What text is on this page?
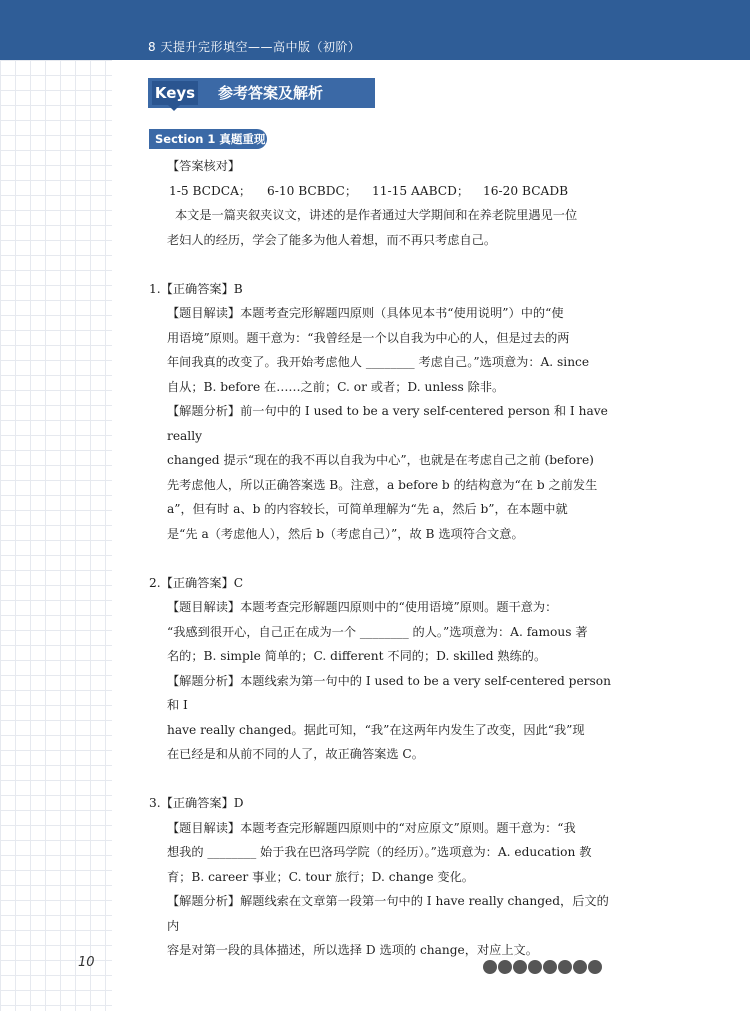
8 天提升完形填空——高中版（初阶）
Keys 参考答案及解析
Section 1 真题重现

【答案核对】

1-5 BCDCA； 6-10 BCBDC； 11-15 AABCD； 16-20 BCADB

本文是一篇夹叙夹议文，讲述的是作者通过大学期间和在养老院里遇见一位

老妇人的经历，学会了能多为他人着想，而不再只考虑自己。

1.【正确答案】B

【题目解读】本题考查完形解题四原则（具体见本书“使用说明”）中的“使

用语境”原则。题干意为：“我曾经是一个以自我为中心的人，但是过去的两

年间我真的改变了。我开始考虑他人 ________ 考虑自己。”选项意为：A. since

自从；B. before 在……之前；C. or 或者；D. unless 除非。

【解题分析】前一句中的 I used to be a very self-centered person 和 I have really

changed 提示“现在的我不再以自我为中心”，也就是在考虑自己之前 (before)

先考虑他人，所以正确答案选 B。注意，a before b 的结构意为“在 b 之前发生

a”，但有时 a、b 的内容较长，可简单理解为“先 a，然后 b”，在本题中就

是“先 a（考虑他人），然后 b（考虑自己）”，故 B 选项符合文意。

2.【正确答案】C

【题目解读】本题考查完形解题四原则中的“使用语境”原则。题干意为：

“我感到很开心，自己正在成为一个 ________ 的人。”选项意为：A. famous 著

名的；B. simple 简单的；C. different 不同的；D. skilled 熟练的。

【解题分析】本题线索为第一句中的 I used to be a very self-centered person 和 I

have really changed。据此可知，“我”在这两年内发生了改变，因此“我”现

在已经是和从前不同的人了，故正确答案选 C。

3.【正确答案】D

【题目解读】本题考查完形解题四原则中的“对应原文”原则。题干意为：“我

想我的 ________ 始于我在巴洛玛学院（的经历）。”选项意为：A. education 教

育；B. career 事业；C. tour 旅行；D. change 变化。

【解题分析】解题线索在文章第一段第一句中的 I have really changed，后文的内

容是对第一段的具体描述，所以选择 D 选项的 change，对应上文。

10
